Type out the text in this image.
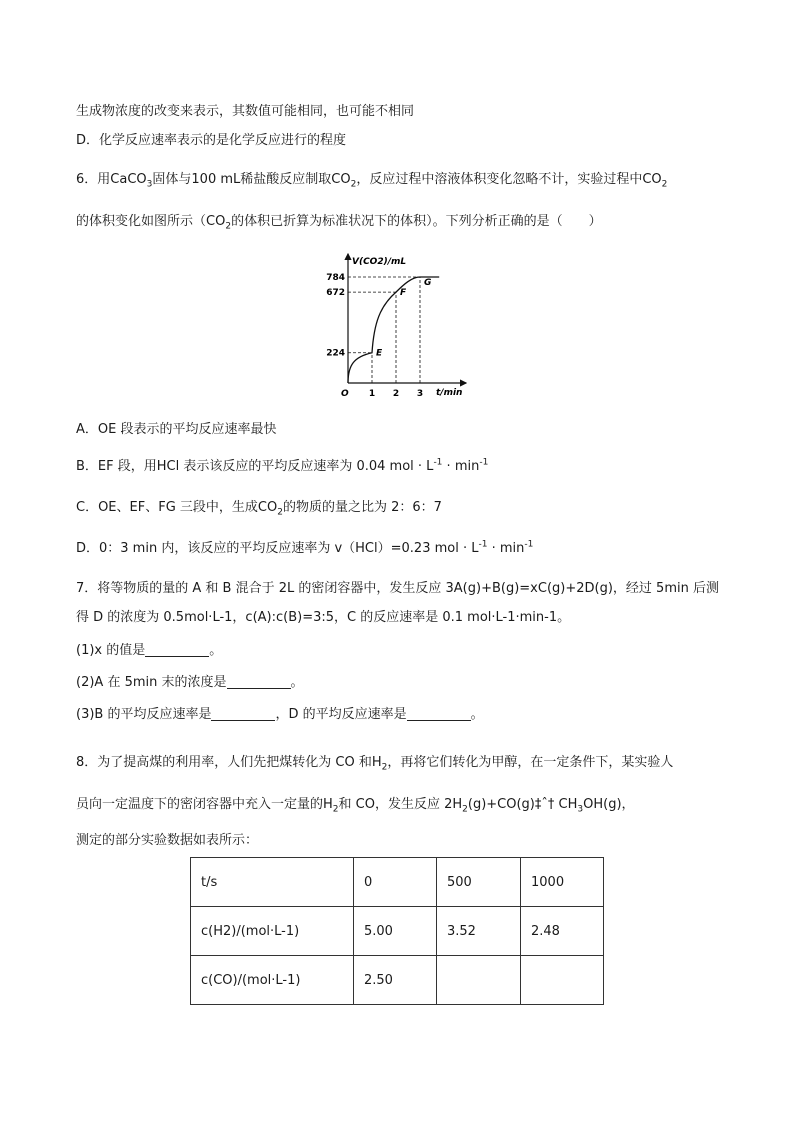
生成物浓度的改变来表示，其数值可能相同，也可能不相同
D．化学反应速率表示的是化学反应进行的程度
6．用CaCO$_3$固体与100 mL稀盐酸反应制取$CO_2$，反应过程中溶液体积变化忽略不计，实验过程中$CO_2$
的体积变化如图所示（$CO_2$的体积已折算为标准状况下的体积）。下列分析正确的是（　　）
V(CO2)/mL
t/min
O
784
672
224
1 2 3
E
F
G
A．OE 段表示的平均反应速率最快
B．EF 段，用HCl 表示该反应的平均反应速率为 0.04 mol · $L^{-1} \cdot \min^{-1}$
C．OE、EF、FG 三段中，生成$CO_2$的物质的量之比为 2：6：7
D．0：3 min 内，该反应的平均反应速率为 v（HCl）=0.23 mol · $L^{-1} \cdot \min^{-1}$
7．将等物质的量的 A 和 B 混合于 2L 的密闭容器中，发生反应 3A(g)+B(g)=xC(g)+2D(g)，经过 5min 后测
得 D 的浓度为 0.5mol·L-1，c(A):c(B)=3:5，C 的反应速率是 0.1 mol·L-1·min-1。
(1)x 的值是	。
(2)A 在 5min 末的浓度是	。
(3)B 的平均反应速率是	，D 的平均反应速率是	。
8．为了提高煤的利用率，人们先把煤转化为 CO 和$H_2$，再将它们转化为甲醇，在一定条件下，某实验人
员向一定温度下的密闭容器中充入一定量的$H_2$和 CO，发生反应 $2H_2(g)+CO(g)\ddagger ˆ\dagger$ $CH_3OH(g)$，
测定的部分实验数据如表所示：
t/s	0	500	1000
c(H2)/(mol·L-1)	5.00	3.52	2.48
c(CO)/(mol·L-1)	2.50		
